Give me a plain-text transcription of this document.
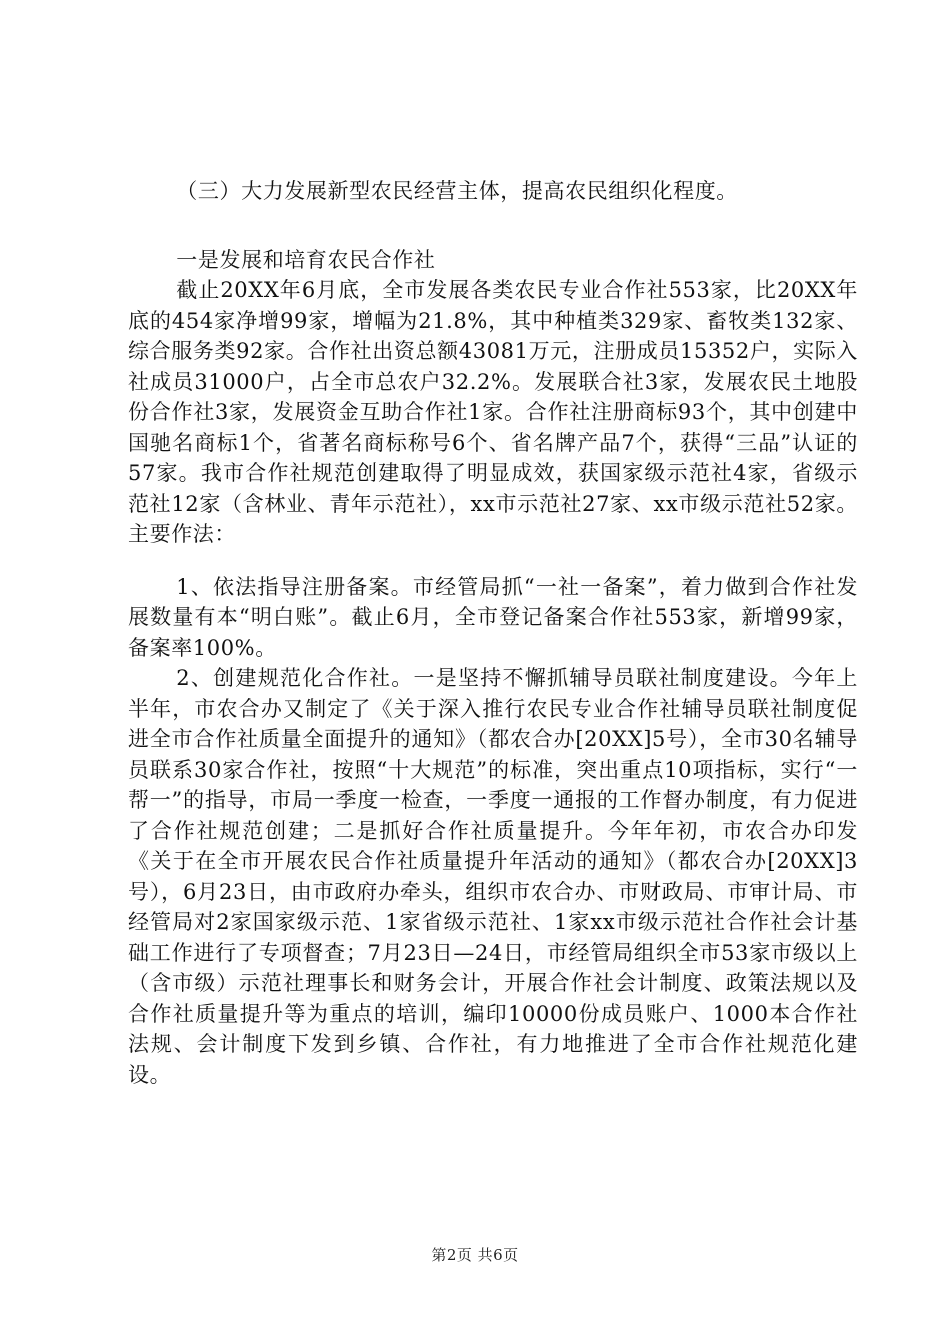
（三）大力发展新型农民经营主体，提高农民组织化程度。

一是发展和培育农民合作社

截止20XX年6月底，全市发展各类农民专业合作社553家，比20XX年底的454家净增99家，增幅为21.8%，其中种植类329家、畜牧类132家、综合服务类92家。合作社出资总额43081万元，注册成员15352户，实际入社成员31000户，占全市总农户32.2%。发展联合社3家，发展农民土地股份合作社3家，发展资金互助合作社1家。合作社注册商标93个，其中创建中国驰名商标1个，省著名商标称号6个、省名牌产品7个，获得“三品”认证的57家。我市合作社规范创建取得了明显成效，获国家级示范社4家，省级示范社12家（含林业、青年示范社），xx市示范社27家、xx市级示范社52家。主要作法：

1、依法指导注册备案。市经管局抓“一社一备案”，着力做到合作社发展数量有本“明白账”。截止6月，全市登记备案合作社553家，新增99家，备案率100%。

2、创建规范化合作社。一是坚持不懈抓辅导员联社制度建设。今年上半年，市农合办又制定了《关于深入推行农民专业合作社辅导员联社制度促进全市合作社质量全面提升的通知》（都农合办[20XX]5号），全市30名辅导员联系30家合作社，按照“十大规范”的标准，突出重点10项指标，实行“一帮一”的指导，市局一季度一检查，一季度一通报的工作督办制度，有力促进了合作社规范创建；二是抓好合作社质量提升。今年年初，市农合办印发《关于在全市开展农民合作社质量提升年活动的通知》（都农合办[20XX]3号），6月23日，由市政府办牵头，组织市农合办、市财政局、市审计局、市经管局对2家国家级示范、1家省级示范社、1家xx市级示范社合作社会计基础工作进行了专项督查；7月23日—24日，市经管局组织全市53家市级以上（含市级）示范社理事长和财务会计，开展合作社会计制度、政策法规以及合作社质量提升等为重点的培训，编印10000份成员账户、1000本合作社法规、会计制度下发到乡镇、合作社，有力地推进了全市合作社规范化建设。

第2页 共6页
